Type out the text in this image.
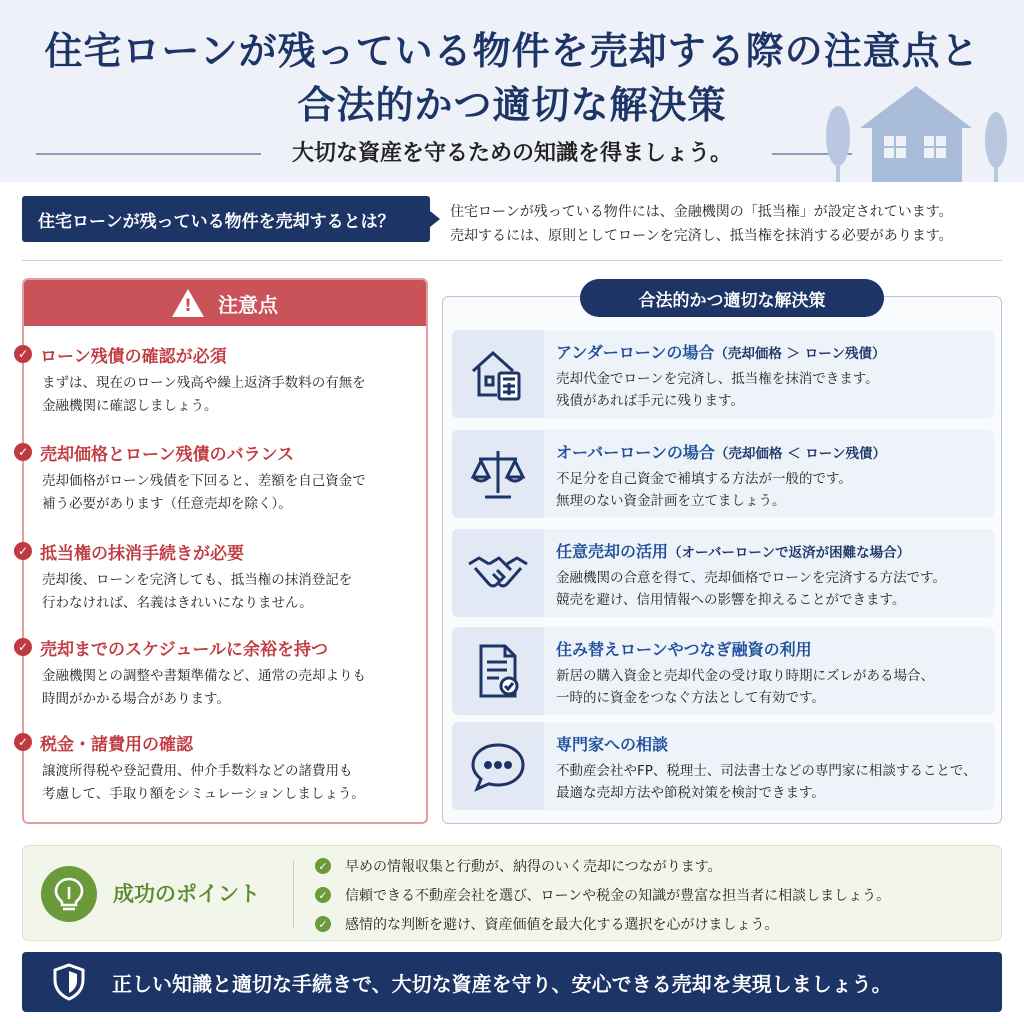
住宅ローンが残っている物件を売却する際の注意点と
合法的かつ適切な解決策
大切な資産を守るための知識を得ましょう。
住宅ローンが残っている物件を売却するとは？	住宅ローンが残っている物件には、金融機関の「抵当権」が設定されています。
売却するには、原則としてローンを完済し、抵当権を抹消する必要があります。
! 注意点
✓ ローン残債の確認が必須
まずは、現在のローン残高や繰上返済手数料の有無を
金融機関に確認しましょう。
✓ 売却価格とローン残債のバランス
売却価格がローン残債を下回ると、差額を自己資金で
補う必要があります（任意売却を除く）。
✓ 抵当権の抹消手続きが必要
売却後、ローンを完済しても、抵当権の抹消登記を
行わなければ、名義はきれいになりません。
✓ 売却までのスケジュールに余裕を持つ
金融機関との調整や書類準備など、通常の売却よりも
時間がかかる場合があります。
✓ 税金・諸費用の確認
譲渡所得税や登記費用、仲介手数料などの諸費用も
考慮して、手取り額をシミュレーションしましょう。
合法的かつ適切な解決策
アンダーローンの場合（売却価格 ＞ ローン残債）
売却代金でローンを完済し、抵当権を抹消できます。
残債があれば手元に残ります。
オーバーローンの場合（売却価格 ＜ ローン残債）
不足分を自己資金で補填する方法が一般的です。
無理のない資金計画を立てましょう。
任意売却の活用（オーバーローンで返済が困難な場合）
金融機関の合意を得て、売却価格でローンを完済する方法です。
競売を避け、信用情報への影響を抑えることができます。
住み替えローンやつなぎ融資の利用
新居の購入資金と売却代金の受け取り時期にズレがある場合、
一時的に資金をつなぐ方法として有効です。
専門家への相談
不動産会社やFP、税理士、司法書士などの専門家に相談することで、
最適な売却方法や節税対策を検討できます。
成功のポイント
✓ 早めの情報収集と行動が、納得のいく売却につながります。
✓ 信頼できる不動産会社を選び、ローンや税金の知識が豊富な担当者に相談しましょう。
✓ 感情的な判断を避け、資産価値を最大化する選択を心がけましょう。
正しい知識と適切な手続きで、大切な資産を守り、安心できる売却を実現しましょう。
